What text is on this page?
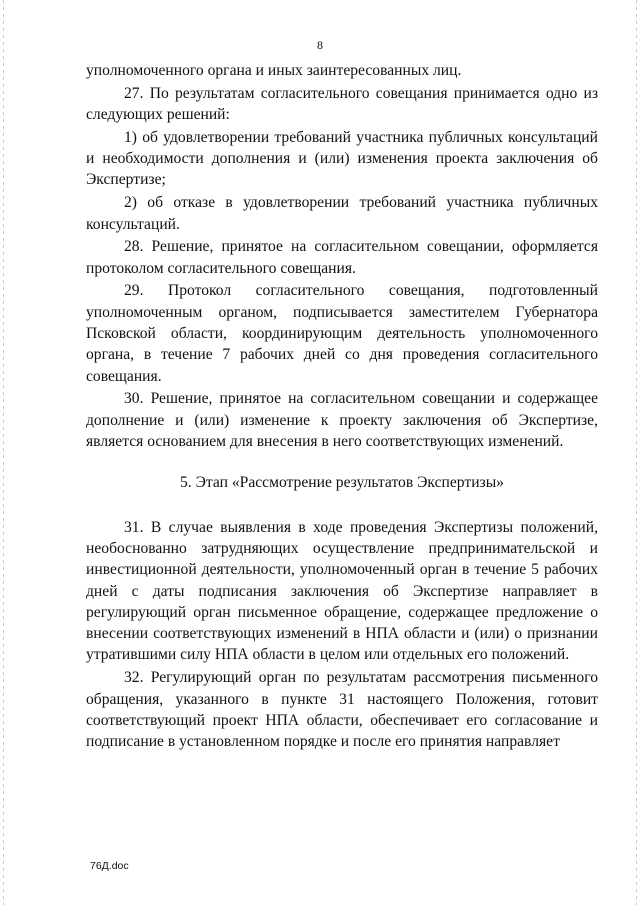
8

уполномоченного органа и иных заинтересованных лиц.

27. По результатам согласительного совещания принимается одно из следующих решений:

1) об удовлетворении требований участника публичных консультаций и необходимости дополнения и (или) изменения проекта заключения об Экспертизе;

2) об отказе в удовлетворении требований участника публичных консультаций.

28. Решение, принятое на согласительном совещании, оформляется протоколом согласительного совещания.

29. Протокол согласительного совещания, подготовленный уполномоченным органом, подписывается заместителем Губернатора Псковской области, координирующим деятельность уполномоченного органа, в течение 7 рабочих дней со дня проведения согласительного совещания.

30. Решение, принятое на согласительном совещании и содержащее дополнение и (или) изменение к проекту заключения об Экспертизе, является основанием для внесения в него соответствующих изменений.

5. Этап «Рассмотрение результатов Экспертизы»

31. В случае выявления в ходе проведения Экспертизы положений, необоснованно затрудняющих осуществление предпринимательской и инвестиционной деятельности, уполномоченный орган в течение 5 рабочих дней с даты подписания заключения об Экспертизе направляет в регулирующий орган письменное обращение, содержащее предложение о внесении соответствующих изменений в НПА области и (или) о признании утратившими силу НПА области в целом или отдельных его положений.

32. Регулирующий орган по результатам рассмотрения письменного обращения, указанного в пункте 31 настоящего Положения, готовит соответствующий проект НПА области, обеспечивает его согласование и подписание в установленном порядке и после его принятия направляет

76Д.doc
